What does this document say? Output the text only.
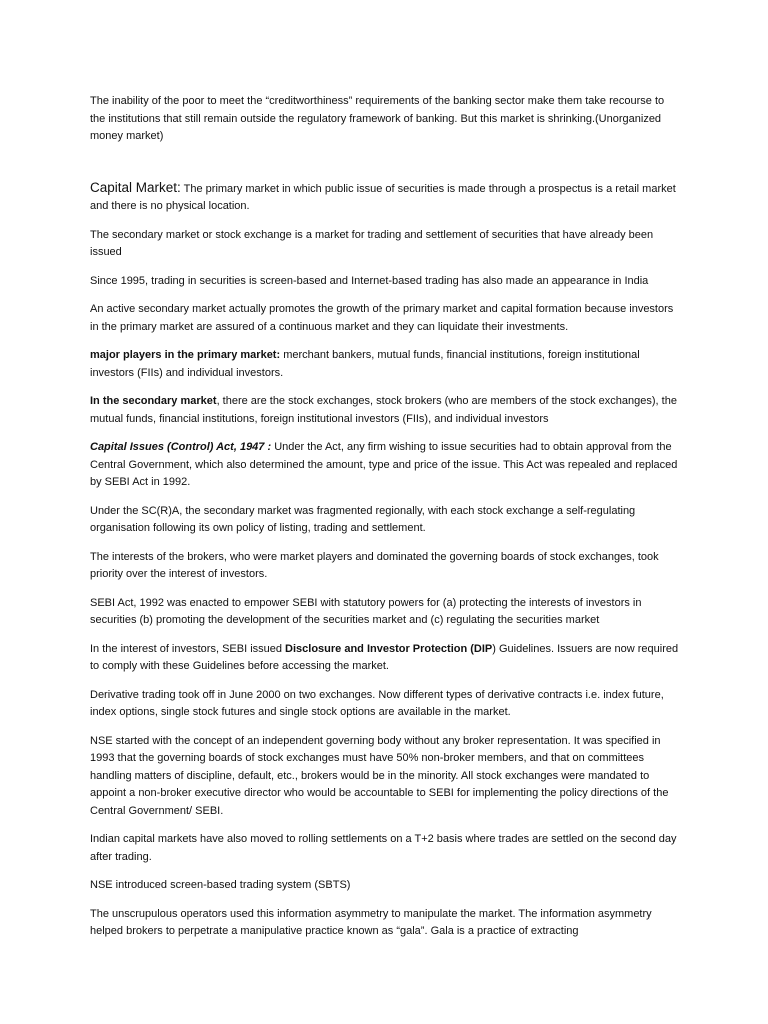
The inability of the poor to meet the “creditworthiness” requirements of the banking sector make them take recourse to the institutions that still remain outside the regulatory framework of banking. But this market is shrinking.(Unorganized money market)

Capital Market: The primary market in which public issue of securities is made through a prospectus is a retail market and there is no physical location.

The secondary market or stock exchange is a market for trading and settlement of securities that have already been issued

Since 1995, trading in securities is screen-based and Internet-based trading has also made an appearance in India

An active secondary market actually promotes the growth of the primary market and capital formation because investors in the primary market are assured of a continuous market and they can liquidate their investments.

major players in the primary market: merchant bankers, mutual funds, financial institutions, foreign institutional investors (FIIs) and individual investors.

In the secondary market, there are the stock exchanges, stock brokers (who are members of the stock exchanges), the mutual funds, financial institutions, foreign institutional investors (FIIs), and individual investors

Capital Issues (Control) Act, 1947 : Under the Act, any firm wishing to issue securities had to obtain approval from the Central Government, which also determined the amount, type and price of the issue. This Act was repealed and replaced by SEBI Act in 1992.

Under the SC(R)A, the secondary market was fragmented regionally, with each stock exchange a self-regulating organisation following its own policy of listing, trading and settlement.

The interests of the brokers, who were market players and dominated the governing boards of stock exchanges, took priority over the interest of investors.

SEBI Act, 1992 was enacted to empower SEBI with statutory powers for (a) protecting the interests of investors in securities (b) promoting the development of the securities market and (c) regulating the securities market

In the interest of investors, SEBI issued Disclosure and Investor Protection (DIP) Guidelines. Issuers are now required to comply with these Guidelines before accessing the market.

Derivative trading took off in June 2000 on two exchanges. Now different types of derivative contracts i.e. index future, index options, single stock futures and single stock options are available in the market.

NSE started with the concept of an independent governing body without any broker representation. It was specified in 1993 that the governing boards of stock exchanges must have 50% non-broker members, and that on committees handling matters of discipline, default, etc., brokers would be in the minority. All stock exchanges were mandated to appoint a non-broker executive director who would be accountable to SEBI for implementing the policy directions of the Central Government/ SEBI.

Indian capital markets have also moved to rolling settlements on a T+2 basis where trades are settled on the second day after trading.

NSE introduced screen-based trading system (SBTS)

The unscrupulous operators used this information asymmetry to manipulate the market. The information asymmetry helped brokers to perpetrate a manipulative practice known as “gala”. Gala is a practice of extracting
